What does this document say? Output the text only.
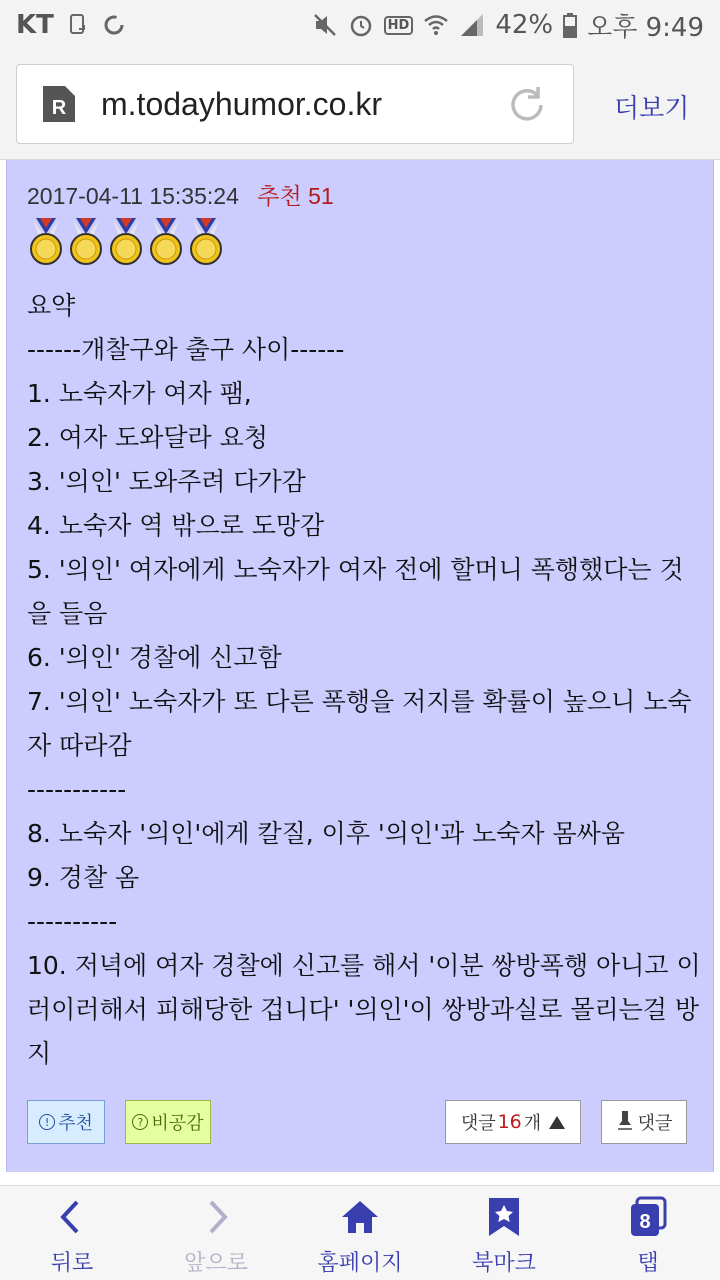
KT	HD	42% 오후 9:49
R m.todayhumor.co.kr	더보기
2017-04-11 15:35:24 추천 51

요약

------개찰구와 출구 사이------

1. 노숙자가 여자 팸,

2. 여자 도와달라 요청

3. '의인' 도와주려 다가감

4. 노숙자 역 밖으로 도망감

5. '의인' 여자에게 노숙자가 여자 전에 할머니 폭행했다는 것을 들음

6. '의인' 경찰에 신고함

7. '의인' 노숙자가 또 다른 폭행을 저지를 확률이 높으니 노숙자 따라감

-----------

8. 노숙자 '의인'에게 칼질, 이후 '의인'과 노숙자 몸싸움

9. 경찰 옴

----------

10. 저녁에 여자 경찰에 신고를 해서 '이분 쌍방폭행 아니고 이러이러해서 피해당한 겁니다' '의인'이 쌍방과실로 몰리는걸 방지

! 추천	? 비공감	댓글 16 개	댓글
뒤로	앞으로	홈페이지	북마크
8
탭
